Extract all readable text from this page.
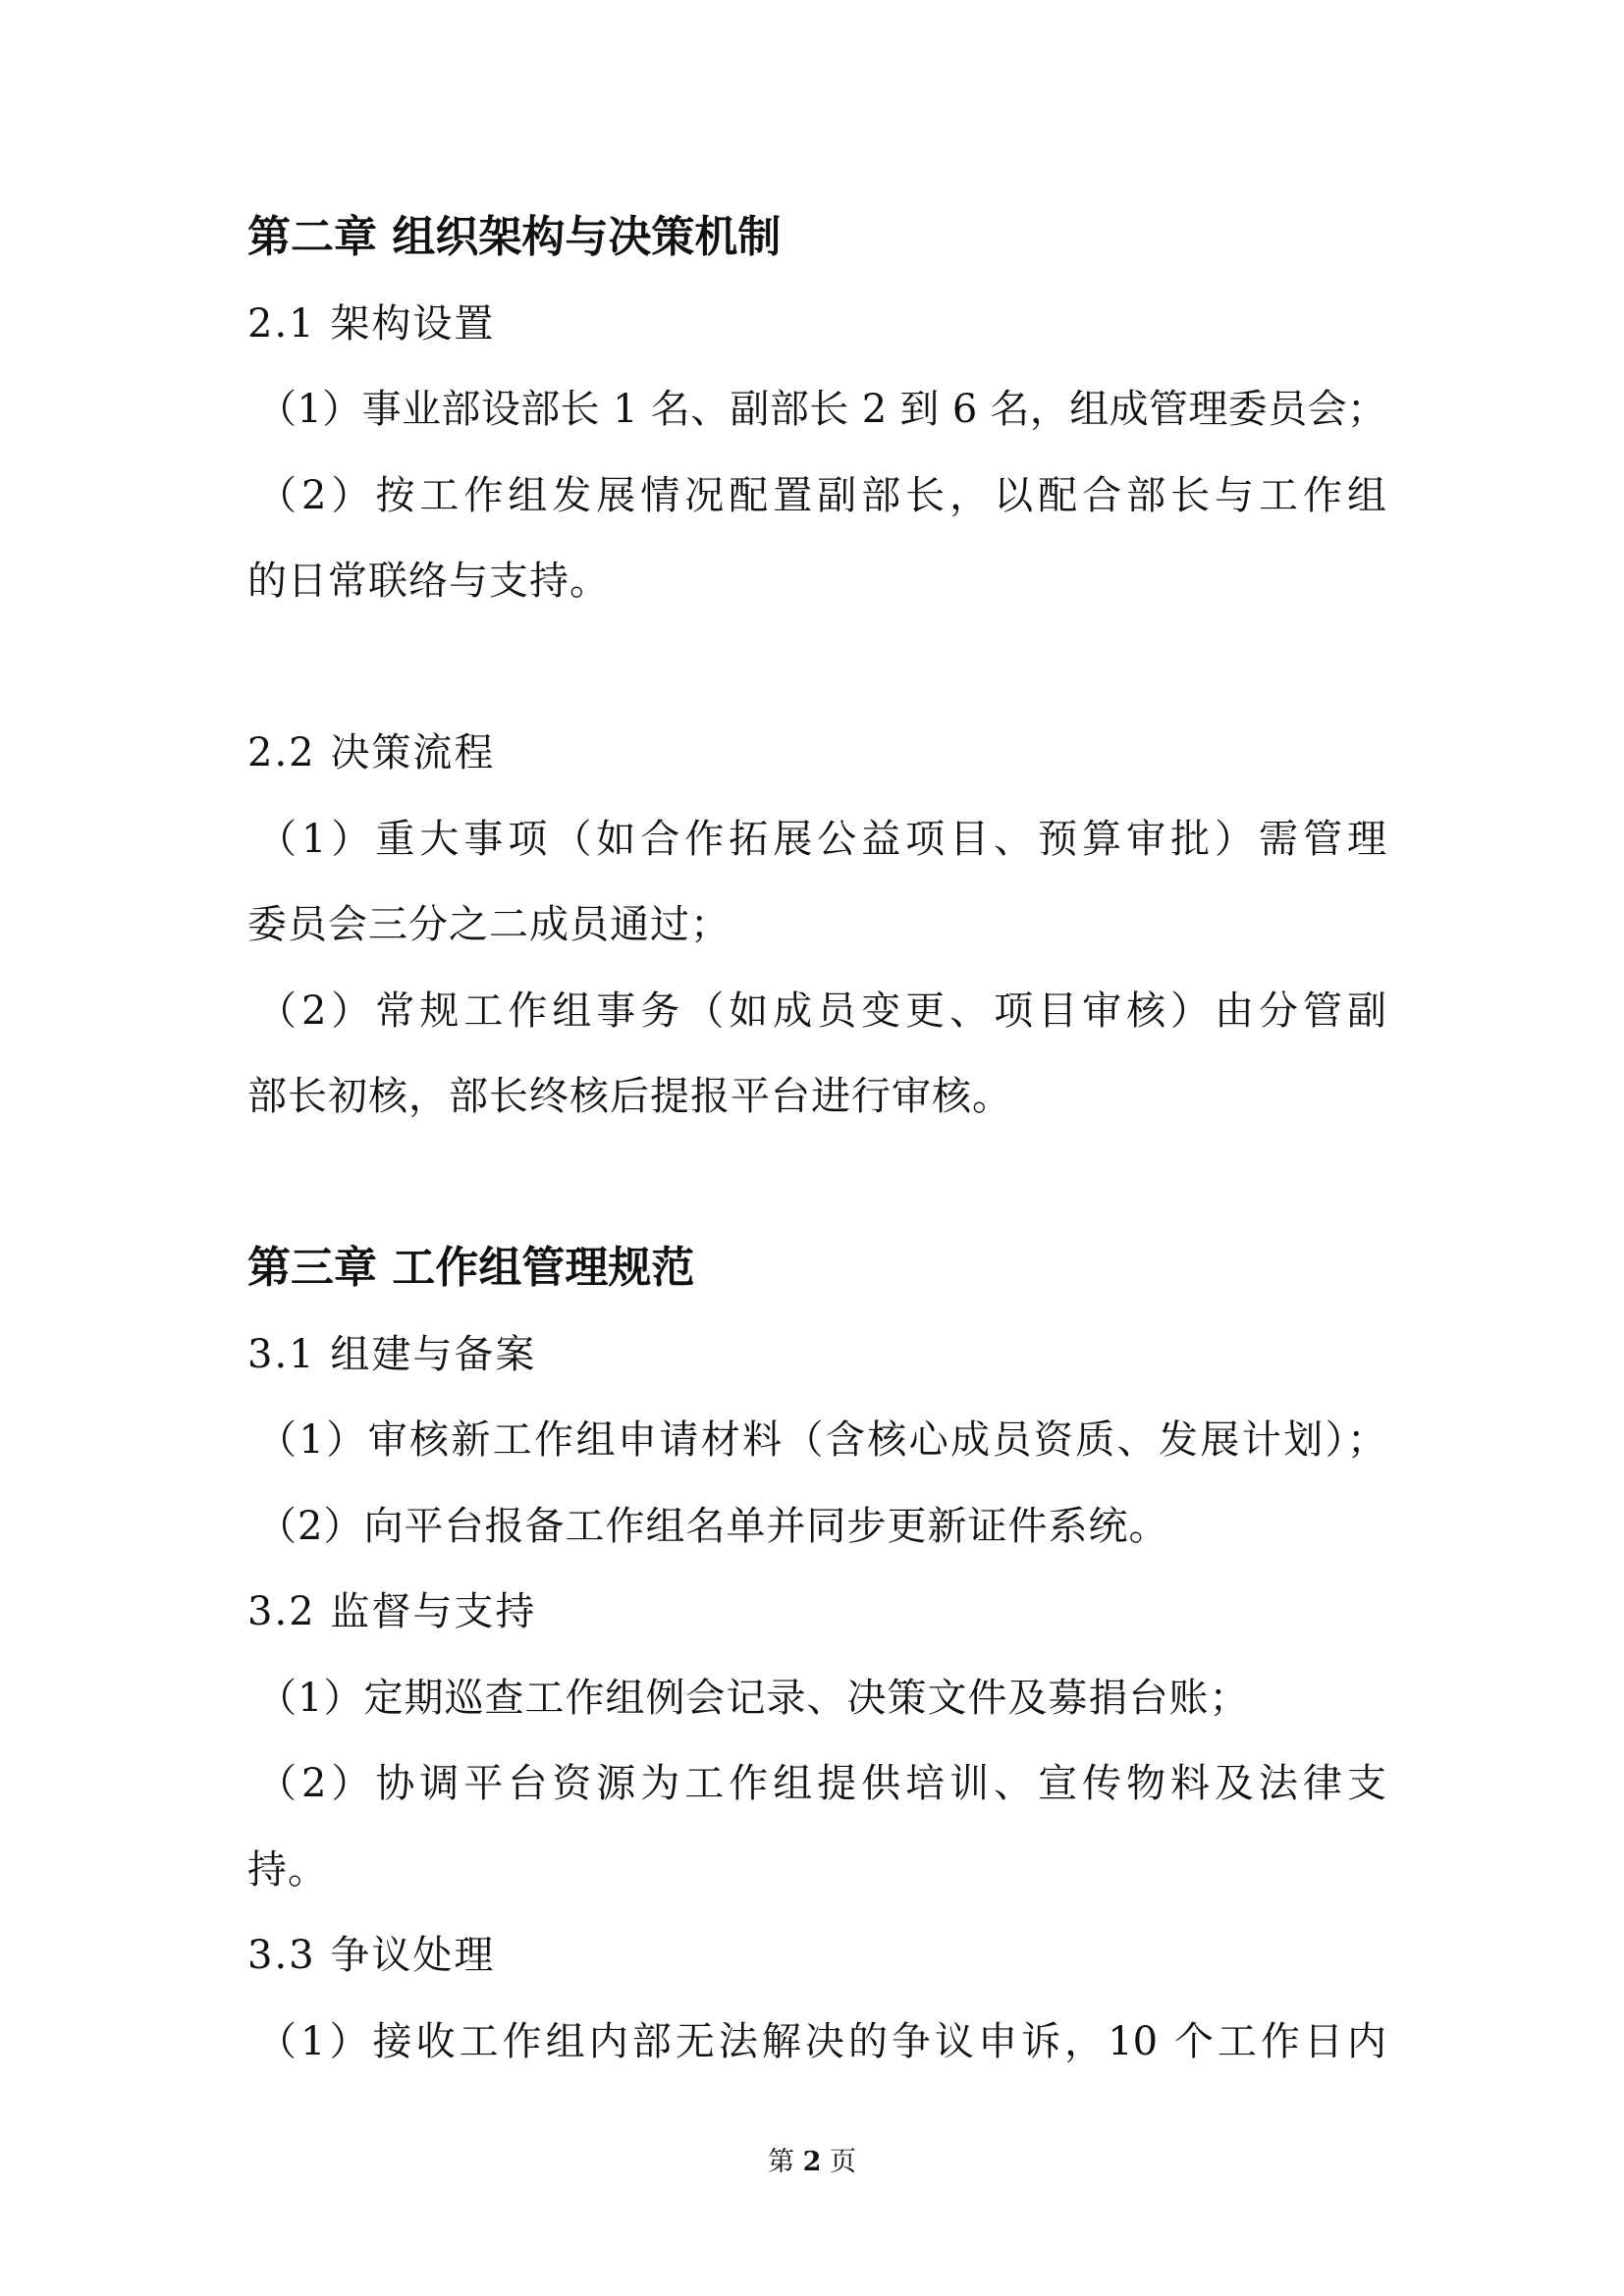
第二章 组织架构与决策机制
2.1 架构设置
（1）事业部设部长 1 名、副部长 2 到 6 名，组成管理委员会；
（2）按工作组发展情况配置副部长，以配合部长与工作组
的日常联络与支持。
2.2 决策流程
（1）重大事项（如合作拓展公益项目、预算审批）需管理
委员会三分之二成员通过；
（2）常规工作组事务（如成员变更、项目审核）由分管副
部长初核，部长终核后提报平台进行审核。
第三章 工作组管理规范
3.1 组建与备案
（1）审核新工作组申请材料（含核心成员资质、发展计划）；
（2）向平台报备工作组名单并同步更新证件系统。
3.2 监督与支持
（1）定期巡查工作组例会记录、决策文件及募捐台账；
（2）协调平台资源为工作组提供培训、宣传物料及法律支
持。
3.3 争议处理
（1）接收工作组内部无法解决的争议申诉，10 个工作日内
第 2 页
